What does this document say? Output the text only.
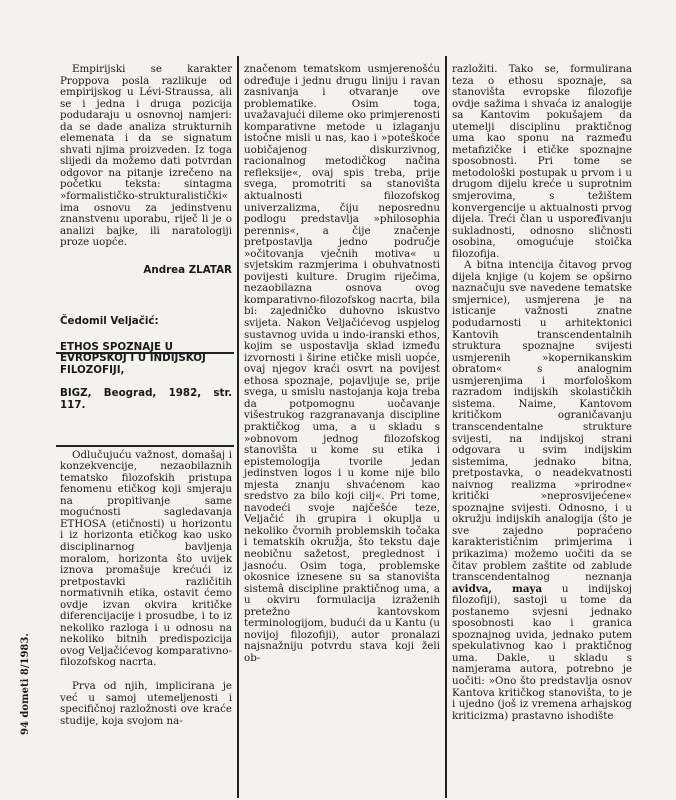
94 dometi 8/1983.

Empirijski se karakter Proppova posla razlikuje od empirijskog u Lévi-Straussa, ali se i jedna i druga pozicija podudaraju u osnovnoj namjeri: da se dade analiza strukturnih elemenata i da se signatum shvati njima proizveden. Iz toga slijedi da možemo dati potvrdan odgovor na pitanje izrečeno na početku teksta: sintagma »formalističko-strukturalistički« ima osnovu za jedinstvenu znanstvenu uporabu, riječ li je o analizi bajke, ili naratologiji proze uopće.

Andrea ZLATAR

Čedomil Veljačić:

ETHOS SPOZNAJE U EVROPSKOJ I U INDIJSKOJ FILOZOFIJI,

BIGZ, Beograd, 1982, str. 117.

Odlučujuću važnost, domašaj i konzekvencije, nezaobilaznih tematsko filozofskih pristupa fenomenu etičkog koji smjeraju na propitivanje same mogućnosti sagledavanja ETHOSA (etičnosti) u horizontu i iz horizonta etičkog kao usko disciplinarnog bavljenja moralom, horizonta što uvijek iznova promašuje krećući iz pretpostavki različitih normativnih etika, ostavit ćemo ovdje izvan okvira kritičke diferencijacije i prosudbe, i to iz nekoliko razloga i u odnosu na nekoliko bitnih predispozicija ovog Veljačićevog komparativno-filozofskog nacrta.

Prva od njih, implicirana je već u samoj utemeljenosti i specifičnoj razložnosti ove kraće studije, koja svojom na-

značenom tematskom usmjerenošću određuje i jednu drugu liniju i ravan zasnivanja i otvaranje ove problematike. Osim toga, uvažavajući dileme oko primjerenosti komparativne metode u izlaganju istočne misli u nas, kao i »poteškoće uobičajenog diskurzivnog, racionalnog metodičkog načina refleksije«, ovaj spis treba, prije svega, promotriti sa stanovišta aktualnosti filozofskog univerzalizma, čiju neposrednu podlogu predstavlja »philosophia perennis«, a čije značenje pretpostavlja jedno područje »očitovanja vječnih motiva« u svjetskim razmjerima i obuhvatnosti povijesti kulture. Drugim riječima, nezaobilazna osnova ovog komparativno-filozofskog nacrta, bila bi: zajedničko duhovno iskustvo svijeta. Nakon Veljačićevog uspjelog sustavnog uvida u indo-iranski ethos, kojim se uspostavlja sklad između izvornosti i širine etičke misli uopće, ovaj njegov kraći osvrt na povijest ethosa spoznaje, pojavljuje se, prije svega, u smislu nastojanja koja treba da potpomognu uočavanje višestrukog razgranavanja discipline praktičkog uma, a u skladu s »obnovom jednog filozofskog stanovišta u kome su etika i epistemologija tvorile jedan jedinstven logos i u kome nije bilo mjesta znanju shvaćenom kao sredstvo za bilo koji cilj«. Pri tome, navodeći svoje najčešće teze, Veljačić ih grupira i okuplja u nekoliko čvornih problemskih točaka i tematskih okružja, što tekstu daje neobičnu sažetost, preglednost i jasnoću. Osim toga, problemske okosnice iznesene su sa stanovišta sistemâ discipline praktičnog uma, a u okviru formulacija izraženih pretežno kantovskom terminologijom, budući da u Kantu (u novijoj filozofiji), autor pronalazi najsnažniju potvrdu stava koji želi ob-

razložiti. Tako se, formulirana teza o ethosu spoznaje, sa stanovišta evropske filozofije ovdje sažima i shvaća iz analogije sa Kantovim pokušajem da utemelji disciplinu praktičnog uma kao sponu na razmeđu metafizičke i etičke spoznajne sposobnosti. Pri tome se metodološki postupak u prvom i u drugom dijelu kreće u suprotnim smjerovima, s težištem konvergencije u aktualnosti prvog dijela. Treći član u uspoređivanju sukladnosti, odnosno sličnosti osobina, omogućuje stoička filozofija.

A bitna intencija čitavog prvog dijela knjige (u kojem se opširno naznačuju sve navedene tematske smjernice), usmjerena je na isticanje važnosti znatne podudarnosti u arhitektonici Kantovih transcendentalnih struktura spoznajne svijesti usmjerenih »kopernikanskim obratom« s analognim usmjerenjima i morfološkom razradom indijskih skolastičkih sistema. Naime, Kantovom kritičkom ograničavanju transcendentalne strukture svijesti, na indijskoj strani odgovara u svim indijskim sistemima, jednako bitna, pretpostavka, o neadekvatnosti naivnog realizma »prirodne« kritički »neprosvijećene« spoznajne svijesti. Odnosno, i u okružju indijskih analogija (što je sve zajedno popraćeno karakterističnim primjerima i prikazima) možemo uočiti da se čitav problem zaštite od zablude transcendentalnog neznanja avidva, maya u indijskoj filozofiji), sastoji u tome da postanemo svjesni jednako sposobnosti kao i granica spoznajnog uvida, jednako putem spekulativnog kao i praktičnog uma. Dakle, u skladu s namjerama autora, potrebno je uočiti: »Ono što predstavlja osnov Kantova kritičkog stanovišta, to je i ujedno (još iz vremena arhajskog kriticizma) prastavno ishodište
